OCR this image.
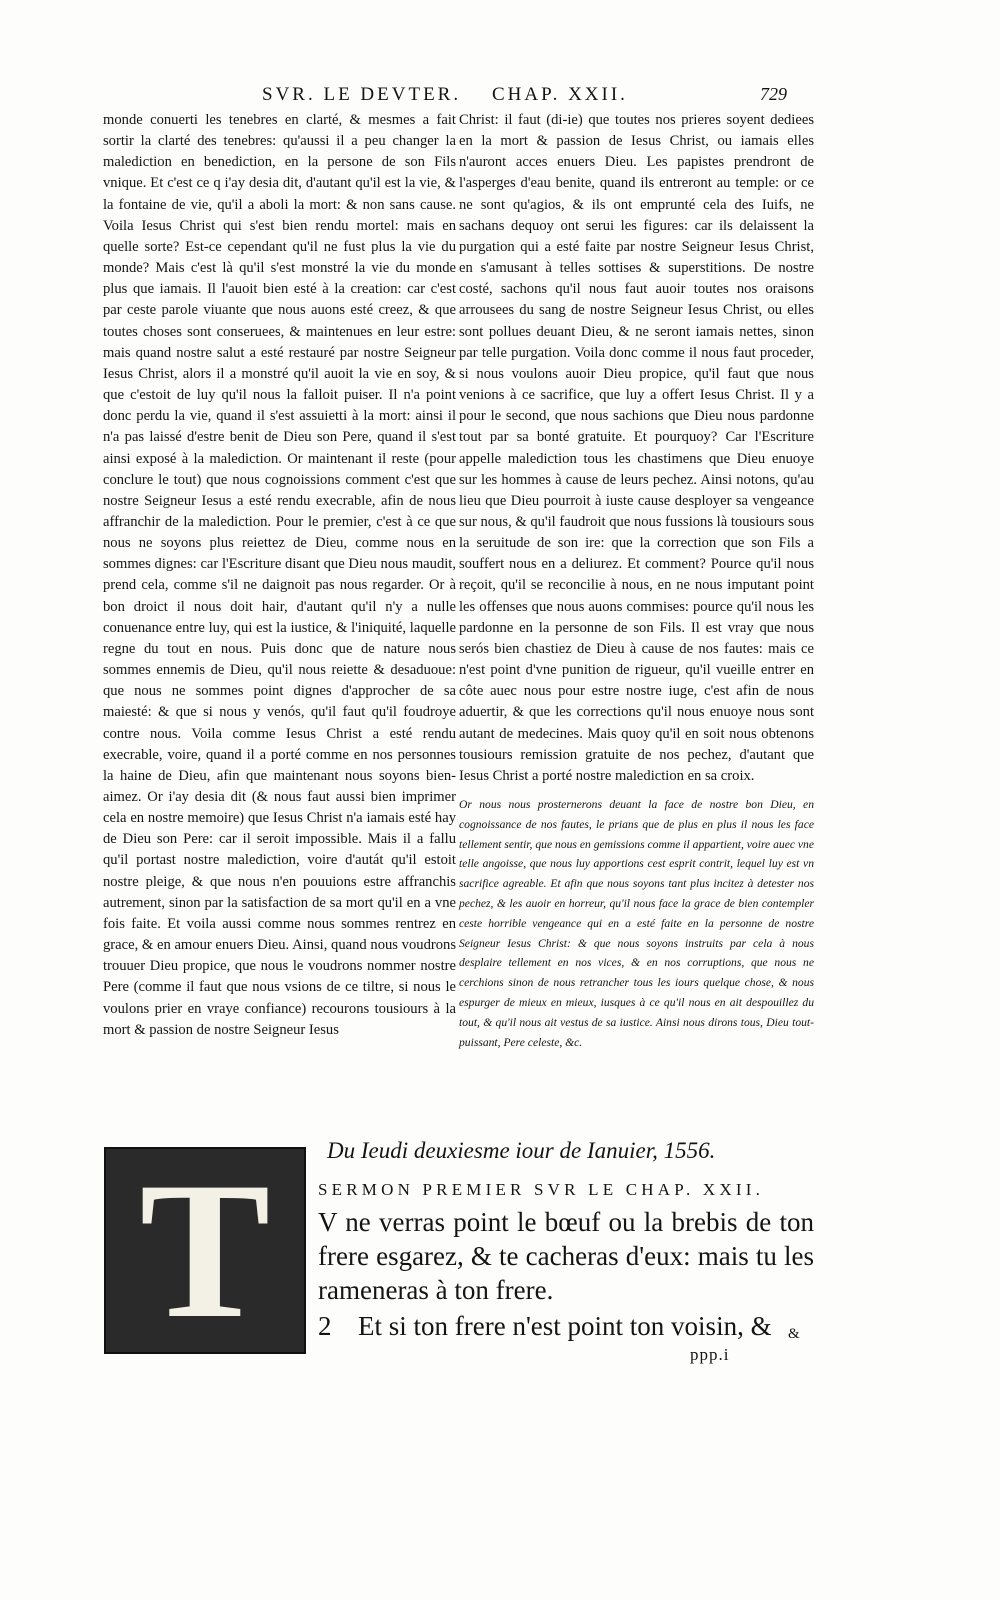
SVR. LE DEVTER. CHAP. XXII.	729

monde conuerti les tenebres en clarté, & mesmes a fait sortir la clarté des tenebres: qu'aussi il a peu changer la malediction en benediction, en la persone de son Fils vnique. Et c'est ce q i'ay desia dit, d'autant qu'il est la vie, & la fontaine de vie, qu'il a aboli la mort: & non sans cause. Voila Iesus Christ qui s'est bien rendu mortel: mais en quelle sorte? Est-ce cependant qu'il ne fust plus la vie du monde? Mais c'est là qu'il s'est monstré la vie du monde plus que iamais. Il l'auoit bien esté à la creation: car c'est par ceste parole viuante que nous auons esté creez, & que toutes choses sont conseruees, & maintenues en leur estre: mais quand nostre salut a esté restauré par nostre Seigneur Iesus Christ, alors il a monstré qu'il auoit la vie en soy, & que c'estoit de luy qu'il nous la falloit puiser. Il n'a point donc perdu la vie, quand il s'est assuietti à la mort: ainsi il n'a pas laissé d'estre benit de Dieu son Pere, quand il s'est ainsi exposé à la malediction. Or maintenant il reste (pour conclure le tout) que nous cognoissions comment c'est que nostre Seigneur Iesus a esté rendu execrable, afin de nous affranchir de la malediction. Pour le premier, c'est à ce que nous ne soyons plus reiettez de Dieu, comme nous en sommes dignes: car l'Escriture disant que Dieu nous maudit, prend cela, comme s'il ne daignoit pas nous regarder. Or à bon droict il nous doit hair, d'autant qu'il n'y a nulle conuenance entre luy, qui est la iustice, & l'iniquité, laquelle regne du tout en nous. Puis donc que de nature nous sommes ennemis de Dieu, qu'il nous reiette & desaduoue: que nous ne sommes point dignes d'approcher de sa maiesté: & que si nous y venós, qu'il faut qu'il foudroye contre nous. Voila comme Iesus Christ a esté rendu execrable, voire, quand il a porté comme en nos personnes la haine de Dieu, afin que maintenant nous soyons bien-aimez. Or i'ay desia dit (& nous faut aussi bien imprimer cela en nostre memoire) que Iesus Christ n'a iamais esté hay de Dieu son Pere: car il seroit impossible. Mais il a fallu qu'il portast nostre malediction, voire d'autát qu'il estoit nostre pleige, & que nous n'en pouuions estre affranchis autrement, sinon par la satisfaction de sa mort qu'il en a vne fois faite. Et voila aussi comme nous sommes rentrez en grace, & en amour enuers Dieu. Ainsi, quand nous voudrons trouuer Dieu propice, que nous le voudrons nommer nostre Pere (comme il faut que nous vsions de ce tiltre, si nous le voulons prier en vraye confiance) recourons tousiours à la mort & passion de nostre Seigneur Iesus

Christ: il faut (di-ie) que toutes nos prieres soyent dediees en la mort & passion de Iesus Christ, ou iamais elles n'auront acces enuers Dieu. Les papistes prendront de l'asperges d'eau benite, quand ils entreront au temple: or ce ne sont qu'agios, & ils ont emprunté cela des Iuifs, ne sachans dequoy ont serui les figures: car ils delaissent la purgation qui a esté faite par nostre Seigneur Iesus Christ, en s'amusant à telles sottises & superstitions. De nostre costé, sachons qu'il nous faut auoir toutes nos oraisons arrousees du sang de nostre Seigneur Iesus Christ, ou elles sont pollues deuant Dieu, & ne seront iamais nettes, sinon par telle purgation. Voila donc comme il nous faut proceder, si nous voulons auoir Dieu propice, qu'il faut que nous venions à ce sacrifice, que luy a offert Iesus Christ. Il y a pour le second, que nous sachions que Dieu nous pardonne tout par sa bonté gratuite. Et pourquoy? Car l'Escriture appelle malediction tous les chastimens que Dieu enuoye sur les hommes à cause de leurs pechez. Ainsi notons, qu'au lieu que Dieu pourroit à iuste cause desployer sa vengeance sur nous, & qu'il faudroit que nous fussions là tousiours sous la seruitude de son ire: que la correction que son Fils a souffert nous en a deliurez. Et comment? Pource qu'il nous reçoit, qu'il se reconcilie à nous, en ne nous imputant point les offenses que nous auons commises: pource qu'il nous les pardonne en la personne de son Fils. Il est vray que nous serós bien chastiez de Dieu à cause de nos fautes: mais ce n'est point d'vne punition de rigueur, qu'il vueille entrer en côte auec nous pour estre nostre iuge, c'est afin de nous aduertir, & que les corrections qu'il nous enuoye nous sont autant de medecines. Mais quoy qu'il en soit nous obtenons tousiours remission gratuite de nos pechez, d'autant que Iesus Christ a porté nostre malediction en sa croix.

Or nous nous prosternerons deuant la face de nostre bon Dieu, en cognoissance de nos fautes, le prians que de plus en plus il nous les face tellement sentir, que nous en gemissions comme il appartient, voire auec vne telle angoisse, que nous luy apportions cest esprit contrit, lequel luy est vn sacrifice agreable. Et afin que nous soyons tant plus incitez à detester nos pechez, & les auoir en horreur, qu'il nous face la grace de bien contempler ceste horrible vengeance qui en a esté faite en la personne de nostre Seigneur Iesus Christ: & que nous soyons instruits par cela à nous desplaire tellement en nos vices, & en nos corruptions, que nous ne cerchions sinon de nous retrancher tous les iours quelque chose, & nous espurger de mieux en mieux, iusques à ce qu'il nous en ait despouillez du tout, & qu'il nous ait vestus de sa iustice. Ainsi nous dirons tous, Dieu tout-puissant, Pere celeste, &c.

T	Du Ieudi deuxiesme iour de Ianuier, 1556.
SERMON PREMIER SVR LE CHAP. XXII.

V ne verras point le bœuf ou la brebis de ton frere esgarez, & te cacheras d'eux: mais tu les rameneras à ton frere.

2 Et si ton frere n'est point ton voisin, &	&
ppp.i
